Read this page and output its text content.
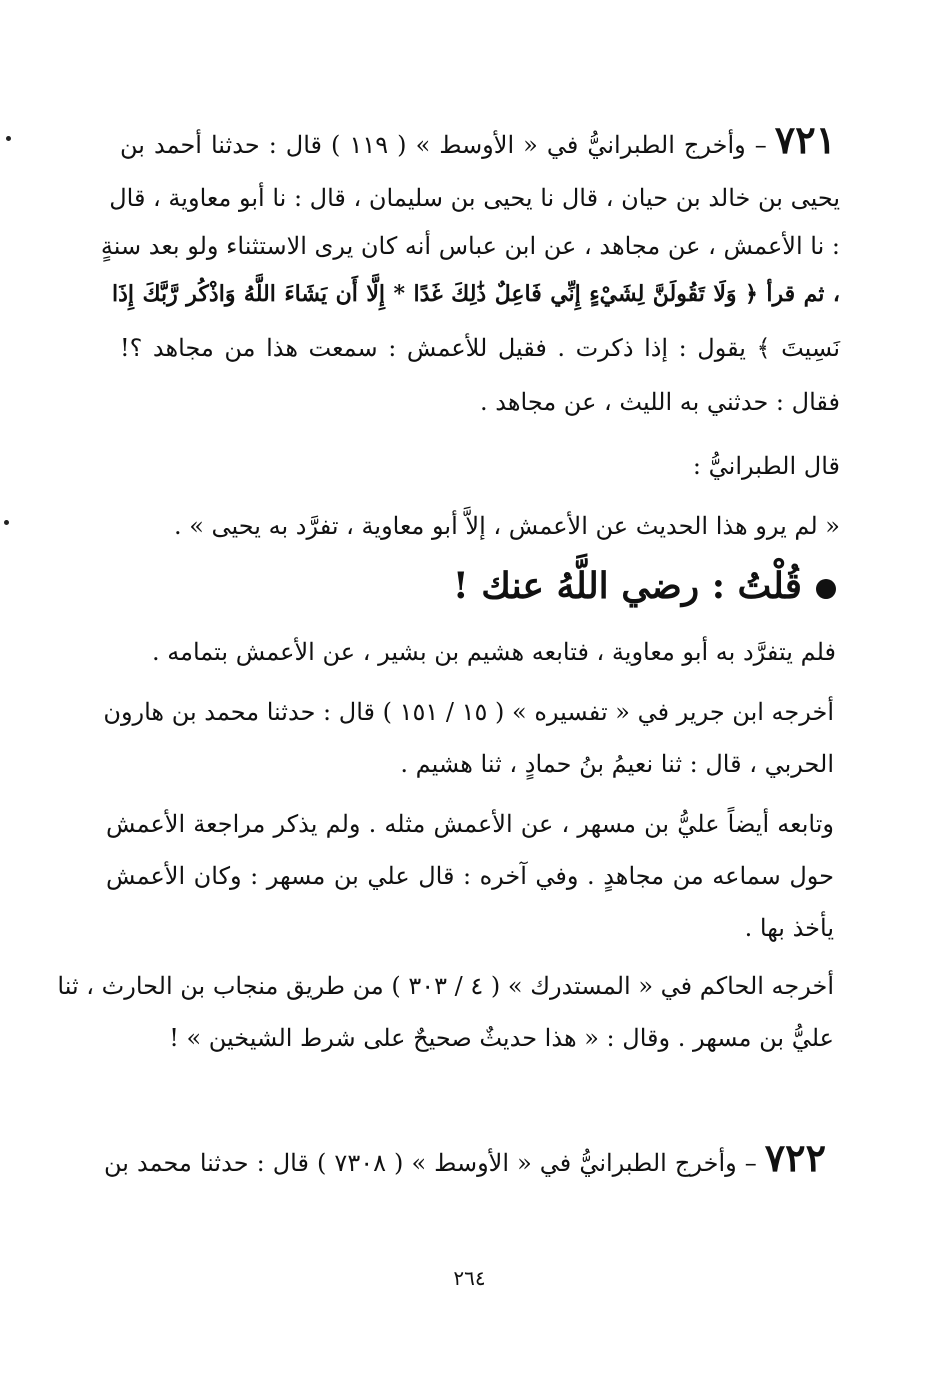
٧٢١– وأخرج الطبرانيُّ في « الأوسط » ( ١١٩ ) قال : حدثنا أحمد بن
يحيى بن خالد بن حيان ، قال نا يحيى بن سليمان ، قال : نا أبو معاوية ، قال
: نا الأعمش ، عن مجاهد ، عن ابن عباس أنه كان يرى الاستثناء ولو بعد سنةٍ
، ثم قرأ ﴿ وَلَا تَقُولَنَّ لِشَيْءٍ إِنِّي فَاعِلٌ ذَٰلِكَ غَدًا * إِلَّا أَن يَشَاءَ اللَّهُ وَاذْكُر رَّبَّكَ إِذَا
نَسِيتَ ﴾ يقول : إذا ذكرت . فقيل للأعمش : سمعت هذا من مجاهد ؟!
فقال : حدثني به الليث ، عن مجاهد .
قال الطبرانيُّ :
« لم يرو هذا الحديث عن الأعمش ، إلاَّ أبو معاوية ، تفرَّد به يحيى » .
قُلْتُ : رضي اللَّهُ عنك !
فلم يتفرَّد به أبو معاوية ، فتابعه هشيم بن بشير ، عن الأعمش بتمامه .
أخرجه ابن جرير في « تفسيره » ( ١٥ / ١٥١ ) قال : حدثنا محمد بن هارون
الحربي ، قال : ثنا نعيمُ بنُ حمادٍ ، ثنا هشيم .
وتابعه أيضاً عليُّ بن مسهر ، عن الأعمش مثله . ولم يذكر مراجعة الأعمش
حول سماعه من مجاهدٍ . وفي آخره : قال علي بن مسهر : وكان الأعمش
يأخذ بها .
أخرجه الحاكم في « المستدرك » ( ٤ / ٣٠٣ ) من طريق منجاب بن الحارث ، ثنا
عليُّ بن مسهر . وقال : « هذا حديثٌ صحيحٌ على شرط الشيخين » !
٧٢٢– وأخرج الطبرانيُّ في « الأوسط » ( ٧٣٠٨ ) قال : حدثنا محمد بن
٢٦٤
